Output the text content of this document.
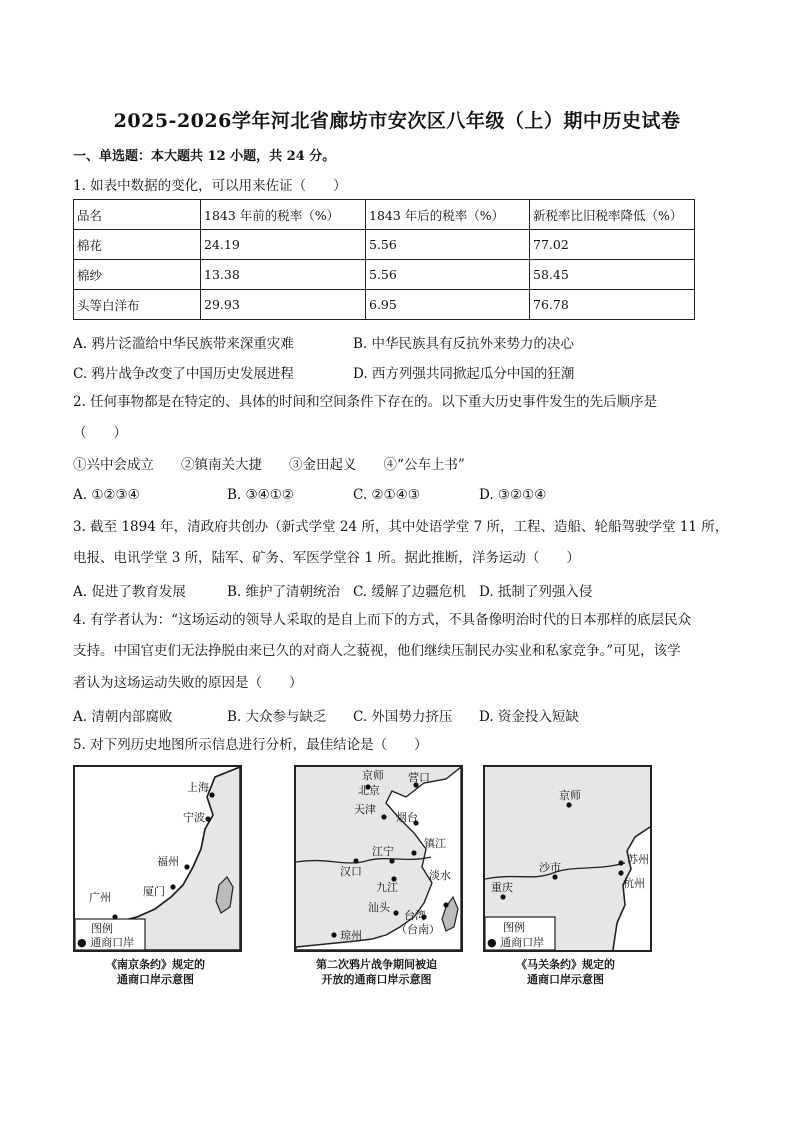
2025-2026学年河北省廊坊市安次区八年级（上）期中历史试卷
一、单选题：本大题共 12 小题，共 24 分。
1. 如表中数据的变化，可以用来佐证（　　）
品名	1843 年前的税率（%）	1843 年后的税率（%）	新税率比旧税率降低（%）
棉花	24.19	5.56	77.02
棉纱	13.38	5.56	58.45
头等白洋布	29.93	6.95	76.78
A. 鸦片泛滥给中华民族带来深重灾难	B. 中华民族具有反抗外来势力的决心
C. 鸦片战争改变了中国历史发展进程	D. 西方列强共同掀起瓜分中国的狂潮
2. 任何事物都是在特定的、具体的时间和空间条件下存在的。以下重大历史事件发生的先后顺序是
（　　）
①兴中会成立　　②镇南关大捷　　③金田起义　　④“公车上书”
A. ①②③④	B. ③④①②	C. ②①④③	D. ③②①④
3. 截至 1894 年，清政府共创办（新式学堂 24 所，其中处语学堂 7 所，工程、造船、轮船驾驶学堂 11 所，
电报、电讯学堂 3 所，陆军、矿务、军医学堂谷 1 所。据此推断，洋务运动（　　）
A. 促进了教育发展	B. 维护了清朝统治 C. 缓解了边疆危机 D. 抵制了列强入侵
4. 有学者认为：“这场运动的领导人采取的是自上而下的方式，不具备像明治时代的日本那样的底层民众
支持。中国官吏们无法挣脱由来已久的对商人之藐视，他们继续压制民办实业和私家竞争。”可见，该学
者认为这场运动失败的原因是（　　）
A. 清朝内部腐败	B. 大众参与缺乏 C. 外国势力挤压 D. 资金投入短缺
5. 对下列历史地图所示信息进行分析，最佳结论是（　　）
上海
宁波
福州
厦门
广州
图例
● 通商口岸
《南京条约》规定的
通商口岸示意图
京师
北京
营口
天津
烟台
镇江
汉口
江宁
九江
淡水
汕头
台湾
（台南）
琼州
第二次鸦片战争期间被迫
开放的通商口岸示意图
京师
沙市
苏州
杭州
重庆
图例
● 通商口岸
《马关条约》规定的
通商口岸示意图
